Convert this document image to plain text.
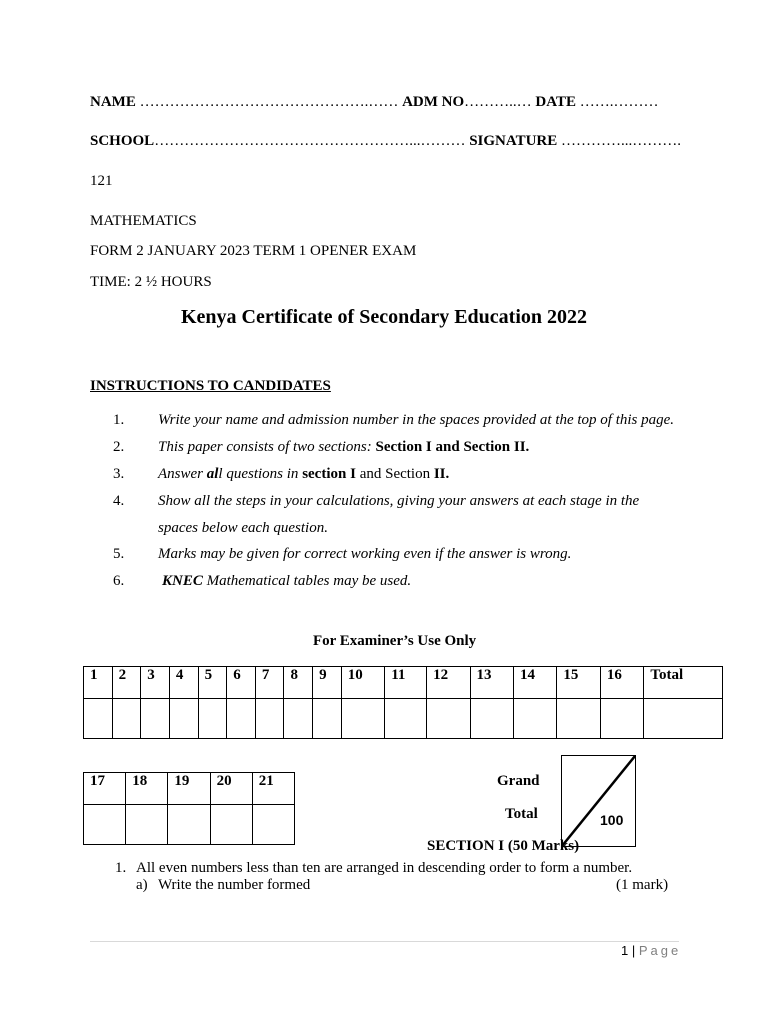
NAME ……………………………………….…… ADM NO………..… DATE …….………
SCHOOL……………………………………………...……… SIGNATURE …………...……….
121
MATHEMATICS
FORM 2 JANUARY 2023 TERM 1 OPENER EXAM
TIME: 2 ½ HOURS
Kenya Certificate of Secondary Education 2022
INSTRUCTIONS TO CANDIDATES
1. Write your name and admission number in the spaces provided at the top of this page.
2. This paper consists of two sections: Section I and Section II.
3. Answer all questions in section I and Section II.
4. Show all the steps in your calculations, giving your answers at each stage in the
spaces below each question.
5. Marks may be given for correct working even if the answer is wrong.
6.	KNEC Mathematical tables may be used.
For Examiner’s Use Only
1	2	3	4	5	6	7	8	9	10	11	12	13	14	15	16	Total

17	18	19	20	21
					Grand
Total	100
SECTION I (50 Marks)
1. All even numbers less than ten are arranged in descending order to form a number.
a) Write the number formed	(1 mark)
1 | Page
